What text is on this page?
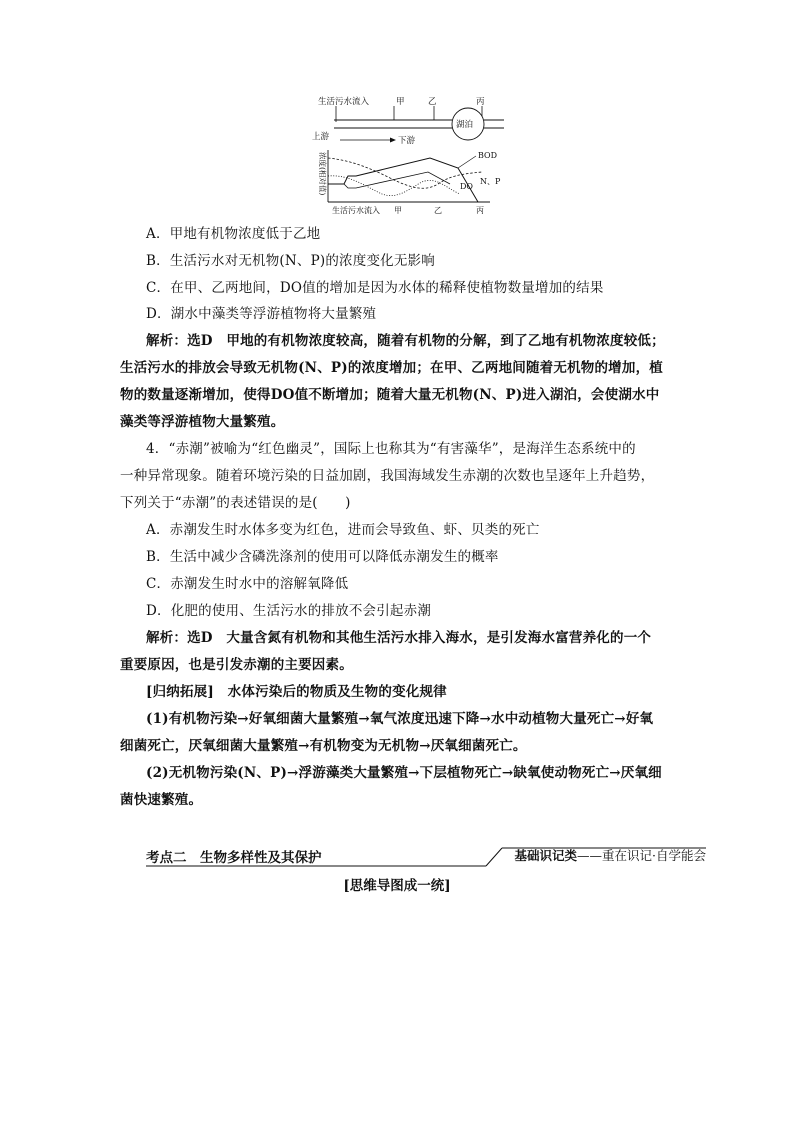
生活污水流入	甲	乙	丙
湖泊
上游	下游
浓度(相对值)	BOD
DO
N、P
生活污水流入 甲	乙	丙
A．甲地有机物浓度低于乙地
B．生活污水对无机物(N、P)的浓度变化无影响
C．在甲、乙两地间，DO值的增加是因为水体的稀释使植物数量增加的结果
D．湖水中藻类等浮游植物将大量繁殖
解析：选D　甲地的有机物浓度较高，随着有机物的分解，到了乙地有机物浓度较低；
生活污水的排放会导致无机物(N、P)的浓度增加；在甲、乙两地间随着无机物的增加，植
物的数量逐渐增加，使得DO值不断增加；随着大量无机物(N、P)进入湖泊，会使湖水中
藻类等浮游植物大量繁殖。
4．“赤潮”被喻为“红色幽灵”，国际上也称其为“有害藻华”，是海洋生态系统中的
一种异常现象。随着环境污染的日益加剧，我国海域发生赤潮的次数也呈逐年上升趋势，
下列关于“赤潮”的表述错误的是(　　)
A．赤潮发生时水体多变为红色，进而会导致鱼、虾、贝类的死亡
B．生活中减少含磷洗涤剂的使用可以降低赤潮发生的概率
C．赤潮发生时水中的溶解氧降低
D．化肥的使用、生活污水的排放不会引起赤潮
解析：选D　大量含氮有机物和其他生活污水排入海水，是引发海水富营养化的一个
重要原因，也是引发赤潮的主要因素。
[归纳拓展]　水体污染后的物质及生物的变化规律
(1)有机物污染→好氧细菌大量繁殖→氧气浓度迅速下降→水中动植物大量死亡→好氧
细菌死亡，厌氧细菌大量繁殖→有机物变为无机物→厌氧细菌死亡。
(2)无机物污染(N、P)→浮游藻类大量繁殖→下层植物死亡→缺氧使动物死亡→厌氧细
菌快速繁殖。
考点二　生物多样性及其保护	基础识记类——重在识记·自学能会
[思维导图成一统]
